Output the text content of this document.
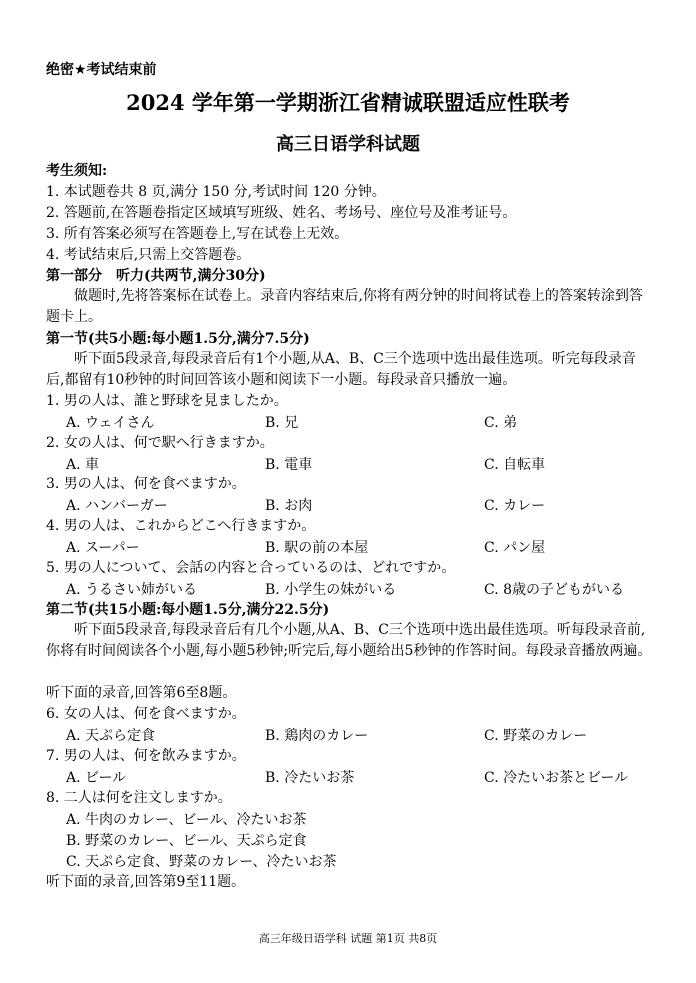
绝密★考试结束前
2024 学年第一学期浙江省精诚联盟适应性联考
高三日语学科试题
考生须知:
1. 本试题卷共 8 页,满分 150 分,考试时间 120 分钟。
2. 答题前,在答题卷指定区域填写班级、姓名、考场号、座位号及准考证号。
3. 所有答案必须写在答题卷上,写在试卷上无效。
4. 考试结束后,只需上交答题卷。
第一部分　听力(共两节,满分30分)
做题时,先将答案标在试卷上。录音内容结束后,你将有两分钟的时间将试卷上的答案转涂到答题卡上。
第一节(共5小题:每小题1.5分,满分7.5分)
听下面5段录音,每段录音后有1个小题,从A、B、C三个选项中选出最佳选项。听完每段录音后,都留有10秒钟的时间回答该小题和阅读下一小题。每段录音只播放一遍。
1. 男の人は、誰と野球を見ましたか。
A. ウェイさん	B. 兄	C. 弟
2. 女の人は、何で駅へ行きますか。
A. 車	B. 電車	C. 自転車
3. 男の人は、何を食べますか。
A. ハンバーガー	B. お肉	C. カレー
4. 男の人は、これからどこへ行きますか。
A. スーパー	B. 駅の前の本屋	C. パン屋
5. 男の人について、会話の内容と合っているのは、どれですか。
A. うるさい姉がいる	B. 小学生の妹がいる	C. 8歳の子どもがいる
第二节(共15小题:每小题1.5分,满分22.5分)
听下面5段录音,每段录音后有几个小题,从A、B、C三个选项中选出最佳选项。听每段录音前,你将有时间阅读各个小题,每小题5秒钟;听完后,每小题给出5秒钟的作答时间。每段录音播放两遍。
听下面的录音,回答第6至8题。
6. 女の人は、何を食べますか。
A. 天ぷら定食	B. 鶏肉のカレー	C. 野菜のカレー
7. 男の人は、何を飲みますか。
A. ビール	B. 冷たいお茶	C. 冷たいお茶とビール
8. 二人は何を注文しますか。
A. 牛肉のカレー、ビール、冷たいお茶
B. 野菜のカレー、ビール、天ぷら定食
C. 天ぷら定食、野菜のカレー、冷たいお茶
听下面的录音,回答第9至11题。
高三年级日语学科 试题 第1页 共8页
